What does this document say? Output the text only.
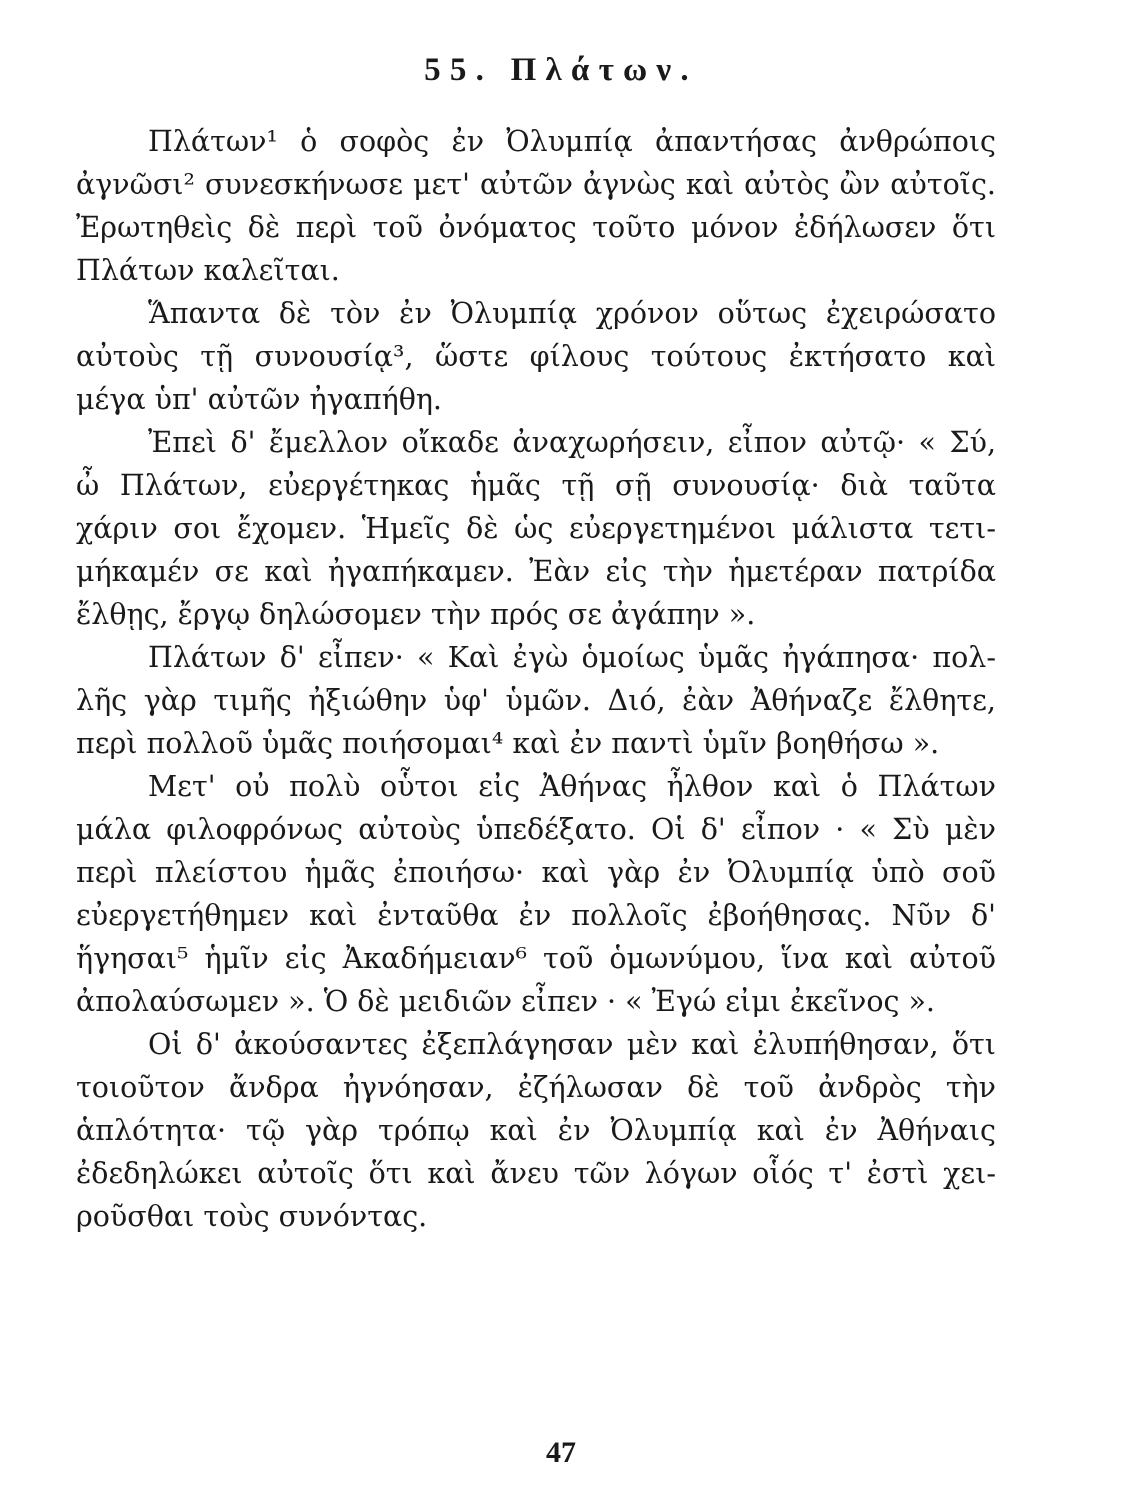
55. Πλάτων.
Πλάτων¹ ὁ σοφὸς ἐν Ὀλυμπίᾳ ἀπαντήσας ἀνθρώποις
ἀγνῶσι² συνεσκήνωσε μετ' αὐτῶν ἀγνὼς καὶ αὐτὸς ὢν αὐτοῖς.
Ἐρωτηθεὶς δὲ περὶ τοῦ ὀνόματος τοῦτο μόνον ἐδήλωσεν ὅτι
Πλάτων καλεῖται.
Ἅπαντα δὲ τὸν ἐν Ὀλυμπίᾳ χρόνον οὕτως ἐχειρώσατο
αὐτοὺς τῇ συνουσίᾳ³, ὥστε φίλους τούτους ἐκτήσατο καὶ
μέγα ὑπ' αὐτῶν ἠγαπήθη.
Ἐπεὶ δ' ἔμελλον οἴκαδε ἀναχωρήσειν, εἶπον αὐτῷ· « Σύ,
ὦ Πλάτων, εὐεργέτηκας ἡμᾶς τῇ σῇ συνουσίᾳ· διὰ ταῦτα
χάριν σοι ἔχομεν. Ἡμεῖς δὲ ὡς εὐεργετημένοι μάλιστα τετι-
μήκαμέν σε καὶ ἠγαπήκαμεν. Ἐὰν εἰς τὴν ἡμετέραν πατρίδα
ἔλθῃς, ἔργῳ δηλώσομεν τὴν πρός σε ἀγάπην ».
Πλάτων δ' εἶπεν· « Καὶ ἐγὼ ὁμοίως ὑμᾶς ἠγάπησα· πολ-
λῆς γὰρ τιμῆς ἠξιώθην ὑφ' ὑμῶν. Διό, ἐὰν Ἀθήναζε ἔλθητε,
περὶ πολλοῦ ὑμᾶς ποιήσομαι⁴ καὶ ἐν παντὶ ὑμῖν βοηθήσω ».
Μετ' οὐ πολὺ οὗτοι εἰς Ἀθήνας ἦλθον καὶ ὁ Πλάτων
μάλα φιλοφρόνως αὐτοὺς ὑπεδέξατο. Οἱ δ' εἶπον · « Σὺ μὲν
περὶ πλείστου ἡμᾶς ἐποιήσω· καὶ γὰρ ἐν Ὀλυμπίᾳ ὑπὸ σοῦ
εὐεργετήθημεν καὶ ἐνταῦθα ἐν πολλοῖς ἐβοήθησας. Νῦν δ'
ἥγησαι⁵ ἡμῖν εἰς Ἀκαδήμειαν⁶ τοῦ ὁμωνύμου, ἵνα καὶ αὐτοῦ
ἀπολαύσωμεν ». Ὁ δὲ μειδιῶν εἶπεν · « Ἐγώ εἰμι ἐκεῖνος ».
Οἱ δ' ἀκούσαντες ἐξεπλάγησαν μὲν καὶ ἐλυπήθησαν, ὅτι
τοιοῦτον ἄνδρα ἠγνόησαν, ἐζήλωσαν δὲ τοῦ ἀνδρὸς τὴν
ἁπλότητα· τῷ γὰρ τρόπῳ καὶ ἐν Ὀλυμπίᾳ καὶ ἐν Ἀθήναις
ἐδεδηλώκει αὐτοῖς ὅτι καὶ ἄνευ τῶν λόγων οἷός τ' ἐστὶ χει-
ροῦσθαι τοὺς συνόντας.
47
